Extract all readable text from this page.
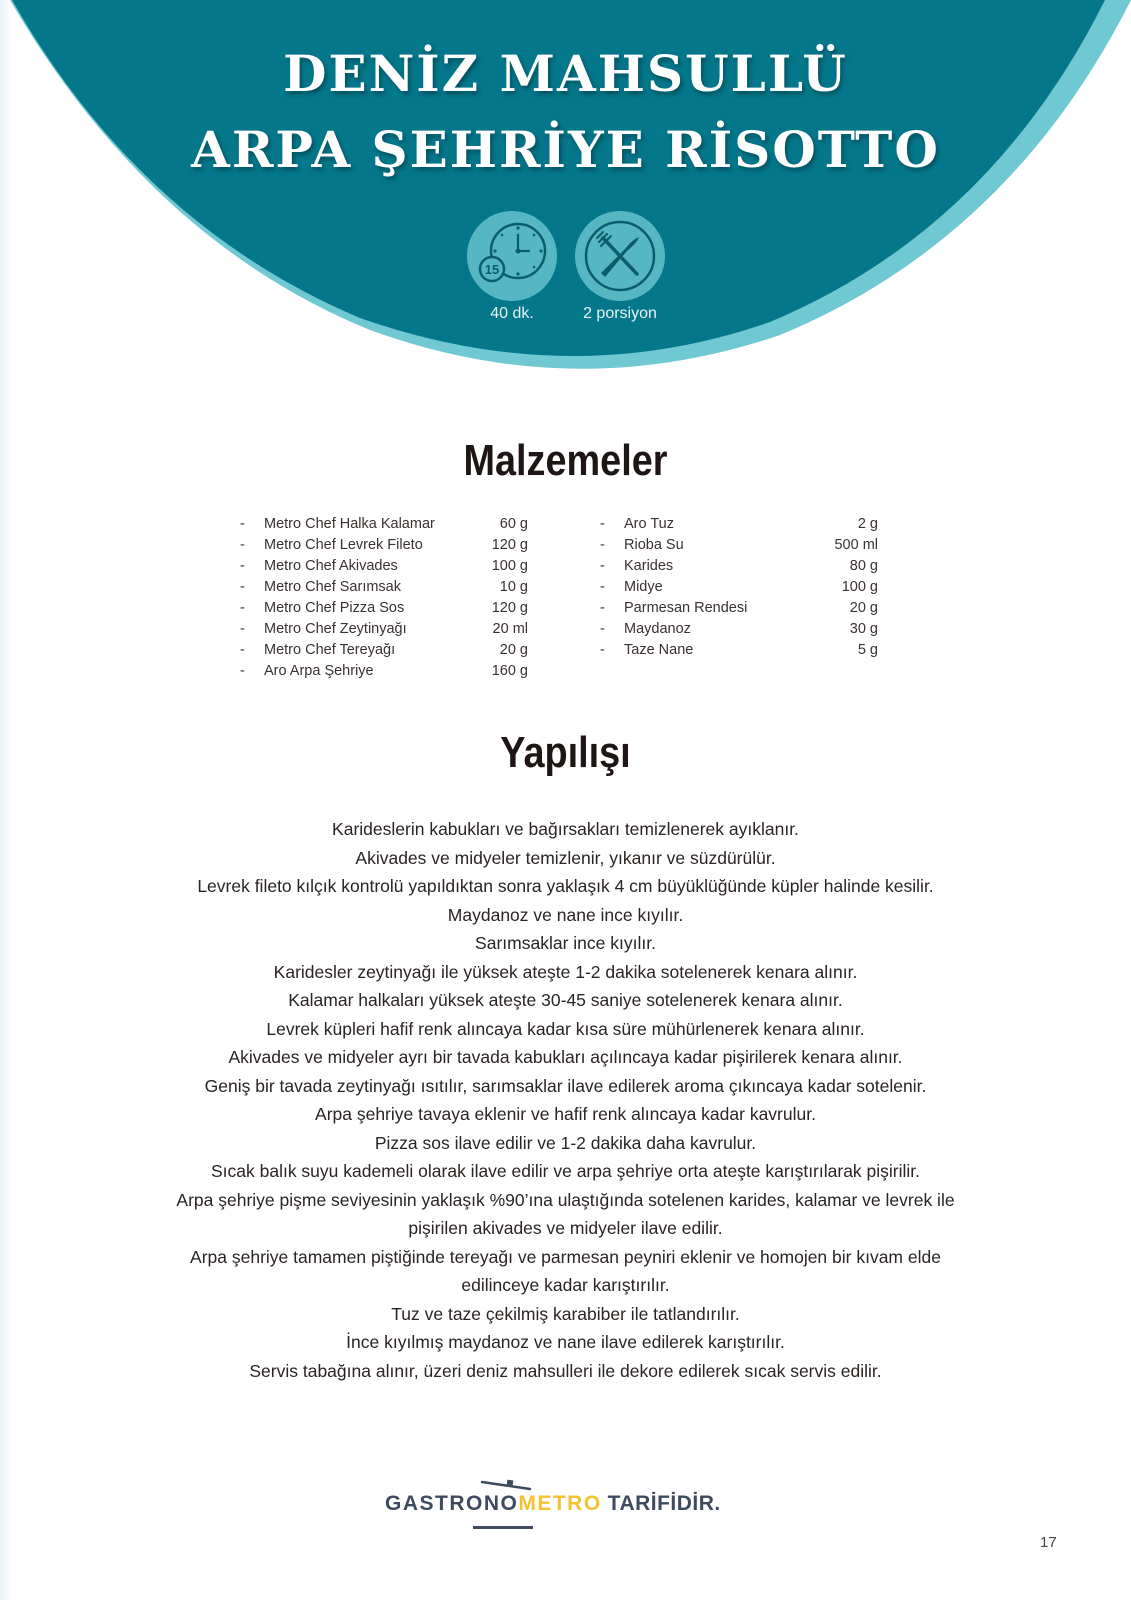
DENİZ MAHSULLÜ
ARPA ŞEHRİYE RİSOTTO
15
40 dk.	2 porsiyon
Malzemeler
- Metro Chef Halka Kalamar	60 g
- Metro Chef Levrek Fileto	120 g
- Metro Chef Akivades	100 g
- Metro Chef Sarımsak	10 g
- Metro Chef Pizza Sos	120 g
- Metro Chef Zeytinyağı	20 ml
- Metro Chef Tereyağı	20 g
- Aro Arpa Şehriye	160 g
- Aro Tuz	2 g
- Rioba Su	500 ml
- Karides	80 g
- Midye	100 g
- Parmesan Rendesi	20 g
- Maydanoz	30 g
- Taze Nane	5 g
Yapılışı

Karideslerin kabukları ve bağırsakları temizlenerek ayıklanır.

Akivades ve midyeler temizlenir, yıkanır ve süzdürülür.

Levrek fileto kılçık kontrolü yapıldıktan sonra yaklaşık 4 cm büyüklüğünde küpler halinde kesilir.

Maydanoz ve nane ince kıyılır.

Sarımsaklar ince kıyılır.

Karidesler zeytinyağı ile yüksek ateşte 1-2 dakika sotelenerek kenara alınır.

Kalamar halkaları yüksek ateşte 30-45 saniye sotelenerek kenara alınır.

Levrek küpleri hafif renk alıncaya kadar kısa süre mühürlenerek kenara alınır.

Akivades ve midyeler ayrı bir tavada kabukları açılıncaya kadar pişirilerek kenara alınır.

Geniş bir tavada zeytinyağı ısıtılır, sarımsaklar ilave edilerek aroma çıkıncaya kadar sotelenir.

Arpa şehriye tavaya eklenir ve hafif renk alıncaya kadar kavrulur.

Pizza sos ilave edilir ve 1-2 dakika daha kavrulur.

Sıcak balık suyu kademeli olarak ilave edilir ve arpa şehriye orta ateşte karıştırılarak pişirilir.

Arpa şehriye pişme seviyesinin yaklaşık %90’ına ulaştığında sotelenen karides, kalamar ve levrek ile pişirilen akivades ve midyeler ilave edilir.

Arpa şehriye tamamen piştiğinde tereyağı ve parmesan peyniri eklenir ve homojen bir kıvam elde edilinceye kadar karıştırılır.

Tuz ve taze çekilmiş karabiber ile tatlandırılır.

İnce kıyılmış maydanoz ve nane ilave edilerek karıştırılır.

Servis tabağına alınır, üzeri deniz mahsulleri ile dekore edilerek sıcak servis edilir.

GASTRONOMETRO TARİFİDİR.
17
